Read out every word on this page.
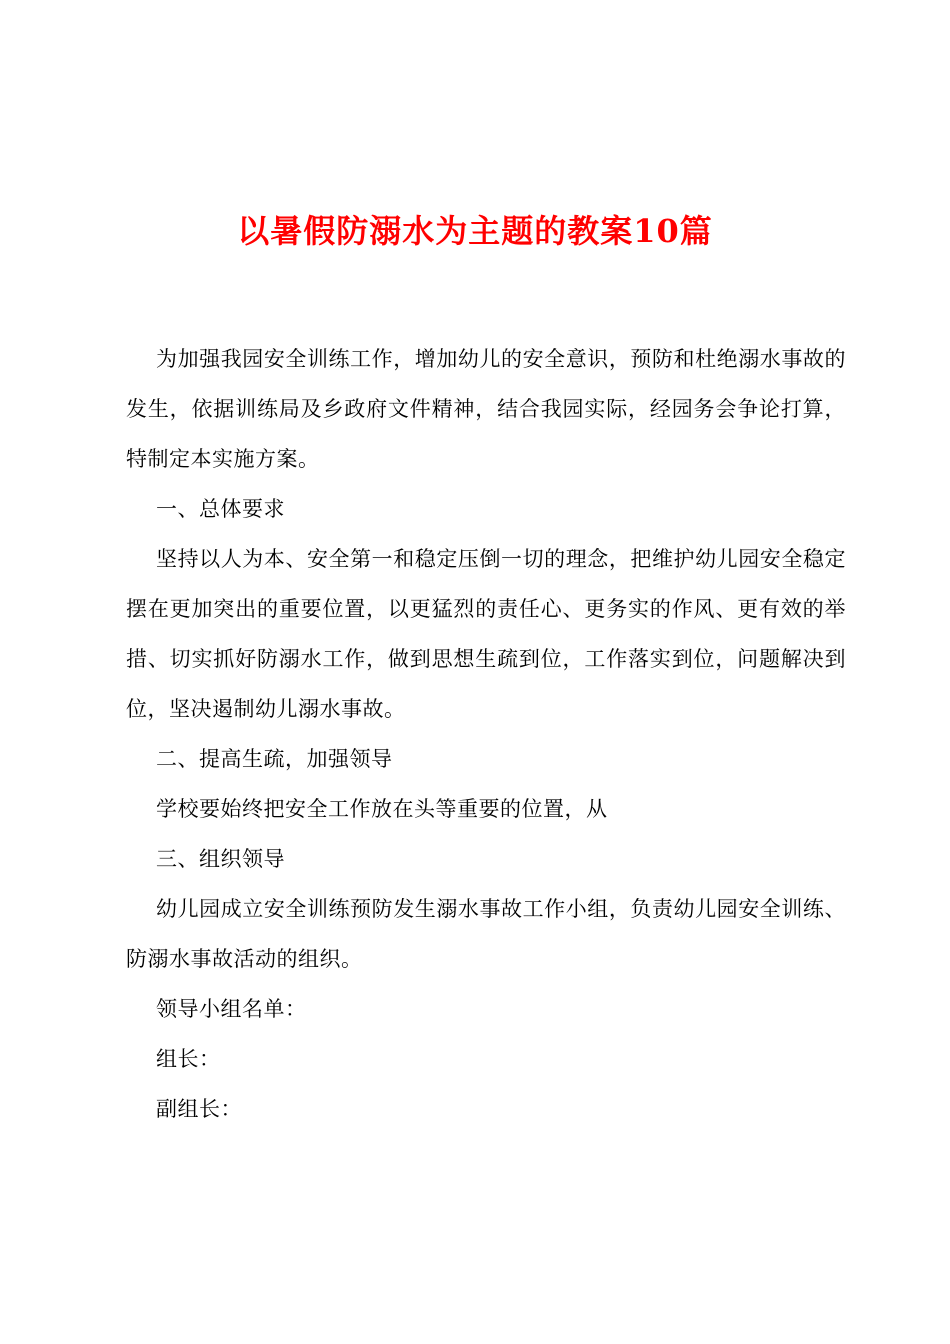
以暑假防溺水为主题的教案10篇

为加强我园安全训练工作，增加幼儿的安全意识，预防和杜绝溺水事故的发生，依据训练局及乡政府文件精神，结合我园实际，经园务会争论打算，特制定本实施方案。

一、总体要求

坚持以人为本、安全第一和稳定压倒一切的理念，把维护幼儿园安全稳定摆在更加突出的重要位置，以更猛烈的责任心、更务实的作风、更有效的举措、切实抓好防溺水工作，做到思想生疏到位，工作落实到位，问题解决到位，坚决遏制幼儿溺水事故。

二、提高生疏，加强领导

学校要始终把安全工作放在头等重要的位置，从

三、组织领导

幼儿园成立安全训练预防发生溺水事故工作小组，负责幼儿园安全训练、防溺水事故活动的组织。

领导小组名单：

组长：

副组长：
